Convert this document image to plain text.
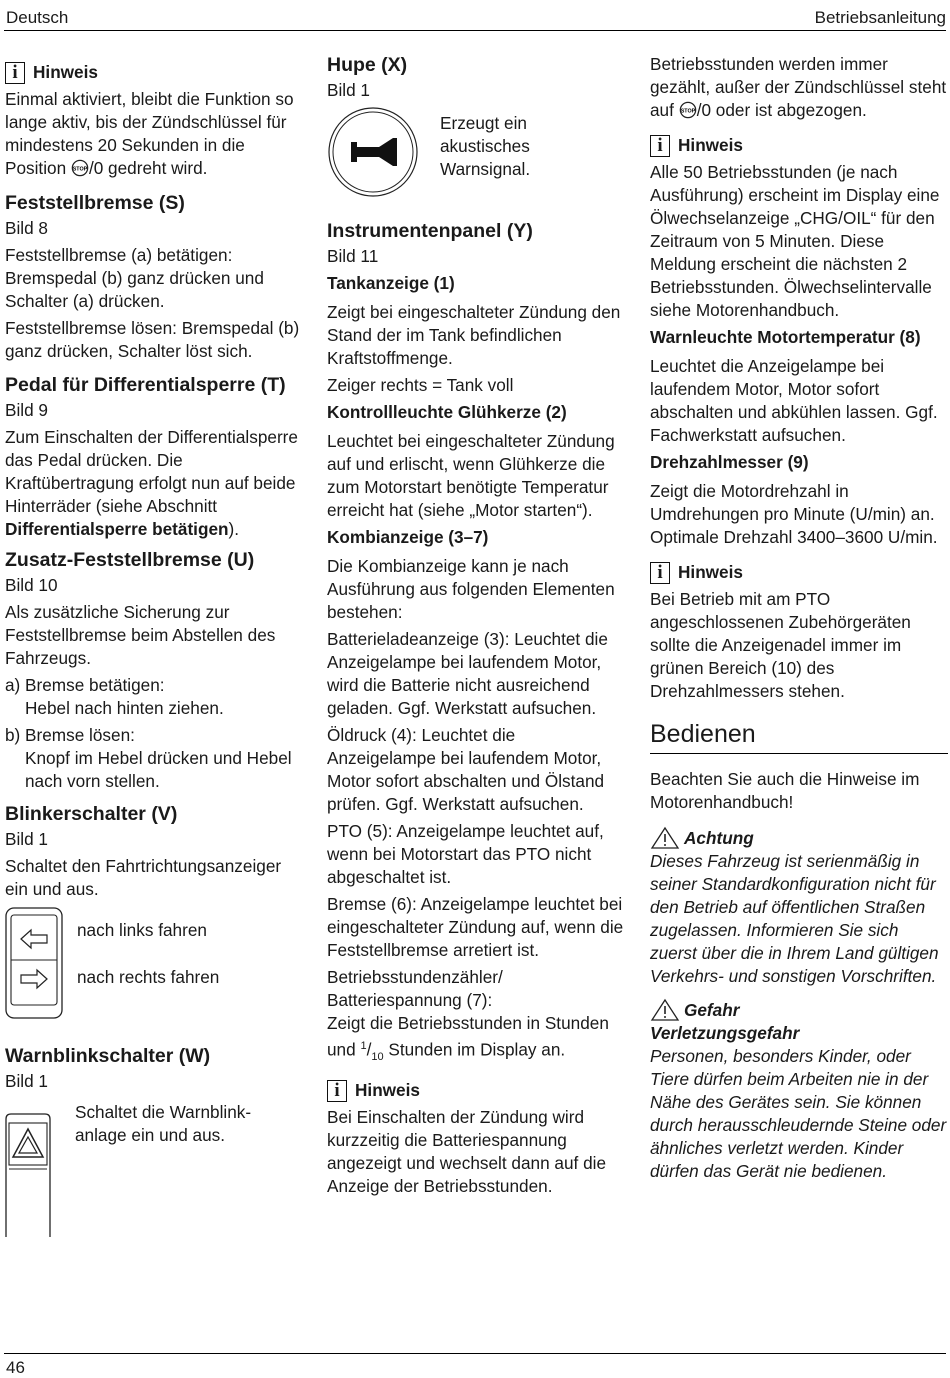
Deutsch	Betriebsanleitung
i Hinweis

Einmal aktiviert, bleibt die Funktion so lange aktiv, bis der Zündschlüssel für mindestens 20 Sekunden in die Position STOP /0 gedreht wird.

Feststellbremse (S)

Bild 8

Feststellbremse (a) betätigen: Bremspedal (b) ganz drücken und Schalter (a) drücken.

Feststellbremse lösen: Bremspedal (b) ganz drücken, Schalter löst sich.

Pedal für Differentialsperre (T)

Bild 9

Zum Einschalten der Differentialsperre das Pedal drücken. Die Kraftübertragung erfolgt nun auf beide Hinterräder (siehe Abschnitt Differentialsperre betätigen).

Zusatz-Feststellbremse (U)

Bild 10

Als zusätzliche Sicherung zur Feststellbremse beim Abstellen des Fahrzeugs.

a) Bremse betätigen:

Hebel nach hinten ziehen.

b) Bremse lösen:

Knopf im Hebel drücken und Hebel nach vorn stellen.

Blinkerschalter (V)

Bild 1

Schaltet den Fahrtrichtungsanzeiger ein und aus.

nach links fahren

nach rechts fahren

Warnblinkschalter (W)

Bild 1

Schaltet die Warnblinkanlage ein und aus.

Hupe (X)

Bild 1

Erzeugt ein akustisches Warnsignal.

Instrumentenpanel (Y)

Bild 11

Tankanzeige (1)

Zeigt bei eingeschalteter Zündung den Stand der im Tank befindlichen Kraftstoffmenge.

Zeiger rechts = Tank voll

Kontrollleuchte Glühkerze (2)

Leuchtet bei eingeschalteter Zündung auf und erlischt, wenn Glühkerze die zum Motorstart benötigte Temperatur erreicht hat (siehe „Motor starten“).

Kombianzeige (3–7)

Die Kombianzeige kann je nach Ausführung aus folgenden Elementen bestehen:

Batterieladeanzeige (3): Leuchtet die Anzeigelampe bei laufendem Motor, wird die Batterie nicht ausreichend geladen. Ggf. Werkstatt aufsuchen.

Öldruck (4): Leuchtet die Anzeigelampe bei laufendem Motor, Motor sofort abschalten und Ölstand prüfen. Ggf. Werkstatt aufsuchen.

PTO (5): Anzeigelampe leuchtet auf, wenn bei Motorstart das PTO nicht abgeschaltet ist.

Bremse (6): Anzeigelampe leuchtet bei eingeschalteter Zündung auf, wenn die Feststellbremse arretiert ist.

Betriebsstundenzähler/ Batteriespannung (7):

Zeigt die Betriebsstunden in Stunden und $^1/_{10}$ Stunden im Display an.

i Hinweis

Bei Einschalten der Zündung wird kurzzeitig die Batteriespannung angezeigt und wechselt dann auf die Anzeige der Betriebsstunden.

Betriebsstunden werden immer gezählt, außer der Zündschlüssel steht auf STOP /0 oder ist abgezogen.

i Hinweis

Alle 50 Betriebsstunden (je nach Ausführung) erscheint im Display eine Ölwechselanzeige „CHG/OIL“ für den Zeitraum von 5 Minuten. Diese Meldung erscheint die nächsten 2 Betriebsstunden. Ölwechselintervalle siehe Motorenhandbuch.

Warnleuchte Motortemperatur (8)

Leuchtet die Anzeigelampe bei laufendem Motor, Motor sofort abschalten und abkühlen lassen. Ggf. Fachwerkstatt aufsuchen.

Drehzahlmesser (9)

Zeigt die Motordrehzahl in Umdrehungen pro Minute (U/min) an. Optimale Drehzahl 3400–3600 U/min.

i Hinweis

Bei Betrieb mit am PTO angeschlossenen Zubehörgeräten sollte die Anzeigenadel immer im grünen Bereich (10) des Drehzahlmessers stehen.

Bedienen

Beachten Sie auch die Hinweise im Motorenhandbuch!

Achtung

Dieses Fahrzeug ist serienmäßig in seiner Standardkonfiguration nicht für den Betrieb auf öffentlichen Straßen zugelassen. Informieren Sie sich zuerst über die in Ihrem Land gültigen Verkehrs- und sonstigen Vorschriften.

Gefahr
Verletzungsgefahr

Personen, besonders Kinder, oder Tiere dürfen beim Arbeiten nie in der Nähe des Gerätes sein. Sie können durch herausschleudernde Steine oder ähnliches verletzt werden. Kinder dürfen das Gerät nie bedienen.

46
